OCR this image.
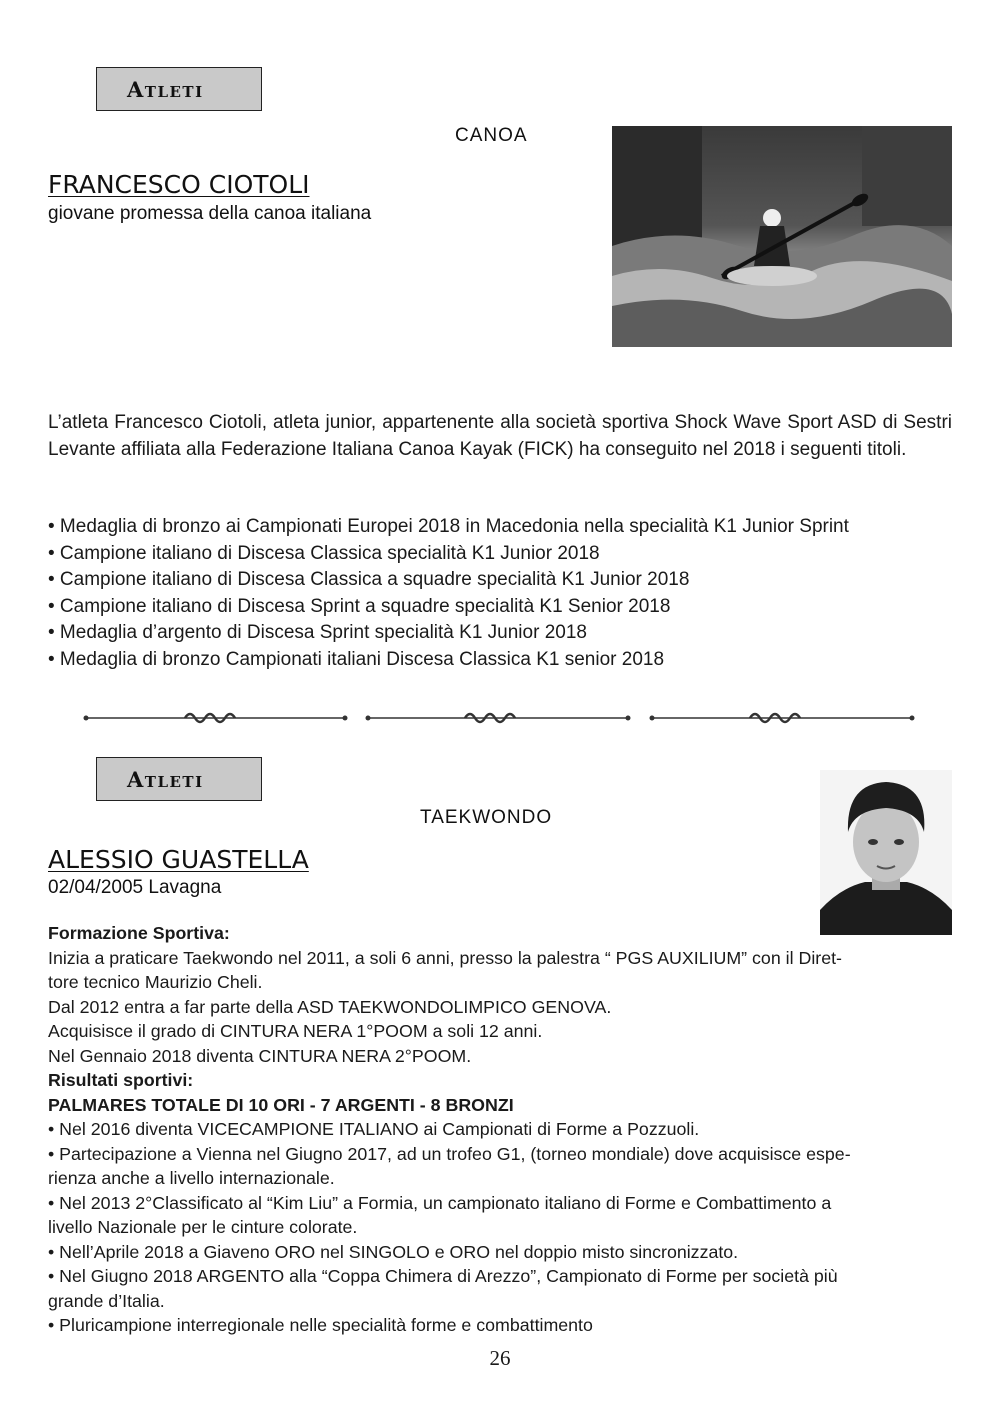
Atleti
CANOA
FRANCESCO CIOTOLI
giovane promessa della canoa italiana

L’atleta Francesco Ciotoli, atleta junior, appartenente alla società sportiva Shock Wave Sport ASD di Sestri Levante affiliata alla Federazione Italiana Canoa Kayak (FICK) ha conseguito nel 2018 i seguenti titoli.

• Medaglia di bronzo ai Campionati Europei 2018 in Macedonia nella specialità K1 Junior Sprint
• Campione italiano di Discesa Classica specialità K1 Junior 2018
• Campione italiano di Discesa Classica a squadre specialità K1 Junior 2018
• Campione italiano di Discesa Sprint a squadre specialità K1 Senior 2018
• Medaglia d’argento di Discesa Sprint specialità K1 Junior 2018
• Medaglia di bronzo Campionati italiani Discesa Classica K1 senior 2018
Atleti
TAEKWONDO
ALESSIO GUASTELLA
02/04/2005 Lavagna
Formazione Sportiva:
Inizia a praticare Taekwondo nel 2011, a soli 6 anni, presso la palestra “ PGS AUXILIUM” con il Diret-
tore tecnico Maurizio Cheli.
Dal 2012 entra a far parte della ASD TAEKWONDOLIMPICO GENOVA.
Acquisisce il grado di CINTURA NERA 1°POOM a soli 12 anni.
Nel Gennaio 2018 diventa CINTURA NERA 2°POOM.
Risultati sportivi:
PALMARES TOTALE DI 10 ORI - 7 ARGENTI - 8 BRONZI
• Nel 2016 diventa VICECAMPIONE ITALIANO ai Campionati di Forme a Pozzuoli.
• Partecipazione a Vienna nel Giugno 2017, ad un trofeo G1, (torneo mondiale) dove acquisisce espe-
rienza anche a livello internazionale.
• Nel 2013 2°Classificato al “Kim Liu” a Formia, un campionato italiano di Forme e Combattimento a
livello Nazionale per le cinture colorate.
• Nell’Aprile 2018 a Giaveno ORO nel SINGOLO e ORO nel doppio misto sincronizzato.
• Nel Giugno 2018 ARGENTO alla “Coppa Chimera di Arezzo”, Campionato di Forme per società più
grande d’Italia.
• Pluricampione interregionale nelle specialità forme e combattimento
26
